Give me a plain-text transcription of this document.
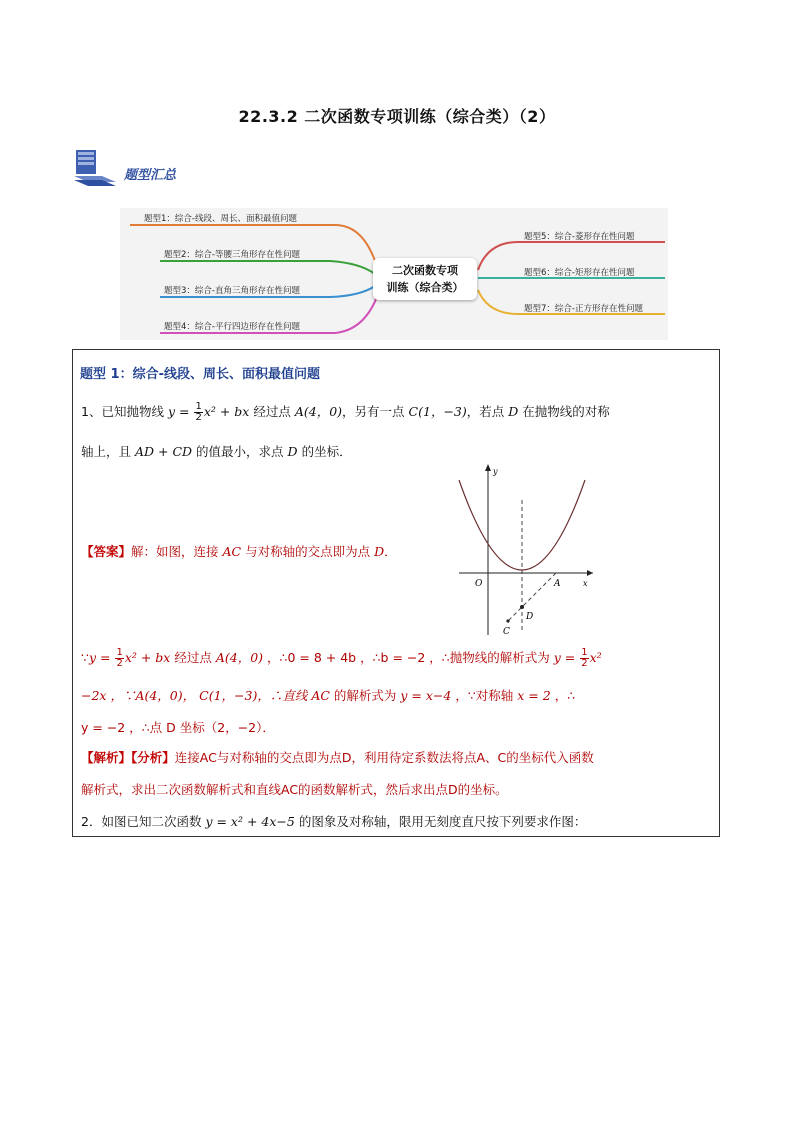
22.3.2 二次函数专项训练（综合类）（2）
题型汇总
题型1：综合-线段、周长、面积最值问题
题型2：综合-等腰三角形存在性问题
题型3：综合-直角三角形存在性问题
题型4：综合-平行四边形存在性问题
题型5：综合-菱形存在性问题
题型6：综合-矩形存在性问题
题型7：综合-正方形存在性问题
二次函数专项
训练（综合类）
题型 1：综合-线段、周长、面积最值问题
1、已知抛物线 $y = \frac{1}{2} x^2$ + bx 经过点 A(4，0)，另有一点 C(1，−3)，若点 D 在抛物线的对称
轴上，且 AD + CD 的值最小，求点 D 的坐标．
y
x
O	A
D
C
【答案】解：如图，连接 AC 与对称轴的交点即为点 D．
∵y = $\frac{1}{2} x^2$ + bx 经过点 A(4，0) ，∴0 = 8 + 4b ，∴b = −2 ，∴抛物线的解析式为 $y = \frac{1}{2} x^2$
−2x ，∵A(4，0)， C(1，−3)，∴直线 AC 的解析式为 y = x−4 ，∵对称轴 x = 2 ，∴
y = −2 ，∴点 D 坐标（2，−2）．
【解析】【分析】连接AC与对称轴的交点即为点D，利用待定系数法将点A、C的坐标代入函数
解析式，求出二次函数解析式和直线AC的函数解析式，然后求出点D的坐标。
2．如图已知二次函数 y = x² + 4x−5 的图象及对称轴，限用无刻度直尺按下列要求作图：
